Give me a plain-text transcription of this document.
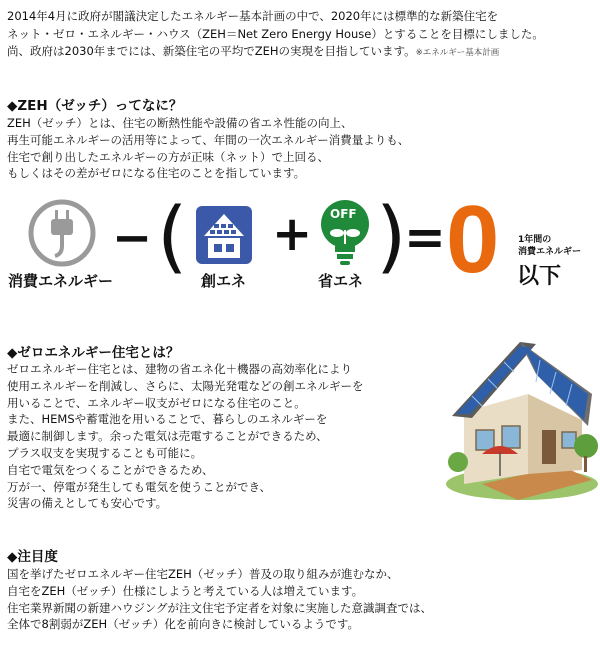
2014年4月に政府が閣議決定したエネルギー基本計画の中で、2020年には標準的な新築住宅を
ネット・ゼロ・エネルギー・ハウス（ZEH＝Net Zero Energy House）とすることを目標にしました。
尚、政府は2030年までには、新築住宅の平均でZEHの実現を目指しています。※エネルギー基本計画
◆ZEH（ゼッチ）ってなに？
ZEH（ゼッチ）とは、住宅の断熱性能や設備の省エネ性能の向上、
再生可能エネルギーの活用等によって、年間の一次エネルギー消費量よりも、
住宅で創り出したエネルギーの方が正味（ネット）で上回る、
もしくはその差がゼロになる住宅のことを指しています。
消費エネルギー
− ( 創エネ
+ OFF
省エネ )
= 0 1年間の
消費エネルギー
以下
◆ゼロエネルギー住宅とは？
ゼロエネルギー住宅とは、建物の省エネ化＋機器の高効率化により
使用エネルギーを削減し、さらに、太陽光発電などの創エネルギーを
用いることで、エネルギー収支がゼロになる住宅のこと。
また、HEMSや蓄電池を用いることで、暮らしのエネルギーを
最適に制御します。余った電気は売電することができるため、
プラス収支を実現することも可能に。
自宅で電気をつくることができるため、
万が一、停電が発生しても電気を使うことができ、
災害の備えとしても安心です。
◆注目度
国を挙げたゼロエネルギー住宅ZEH（ゼッチ）普及の取り組みが進むなか、
自宅をZEH（ゼッチ）仕様にしようと考えている人は増えています。
住宅業界新聞の新建ハウジングが注文住宅予定者を対象に実施した意識調査では、
全体で8割弱がZEH（ゼッチ）化を前向きに検討しているようです。
